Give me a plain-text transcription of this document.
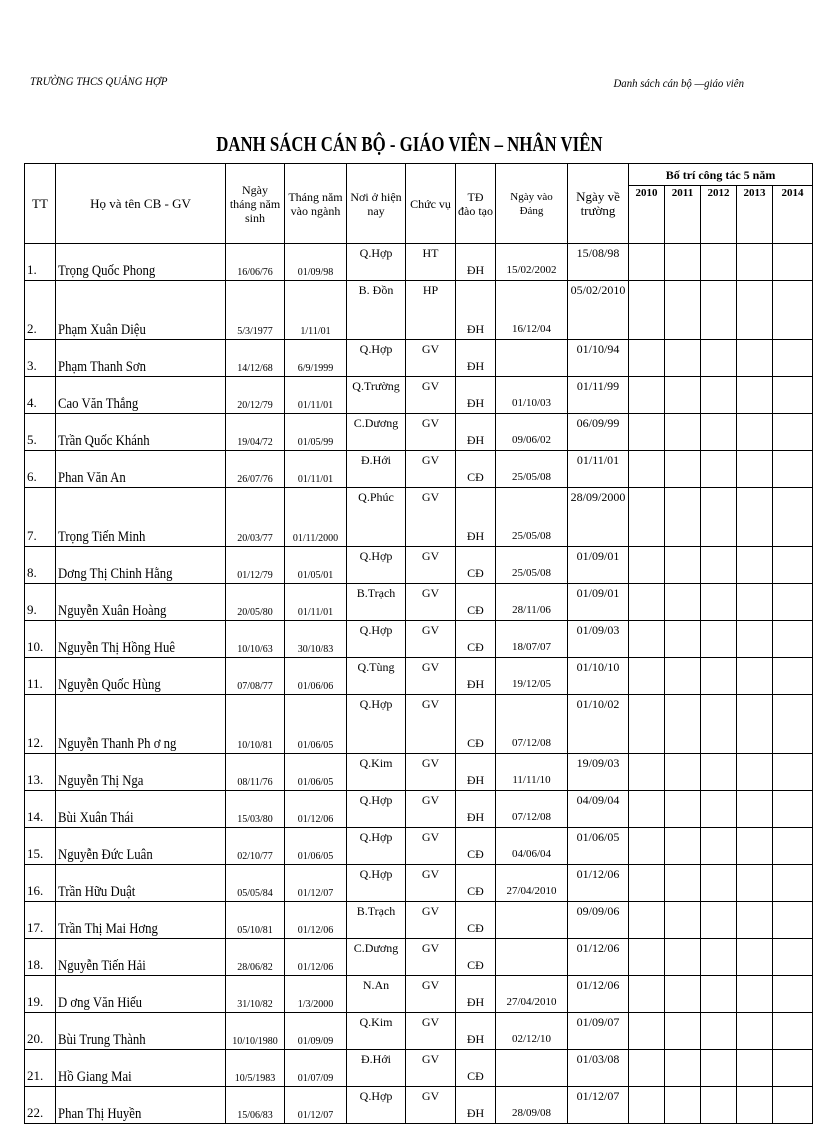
TRƯỜNG THCS QUẢNG HỢP	Danh sách cán bộ —giáo viên
DANH SÁCH CÁN BỘ - GIÁO VIÊN – NHÂN VIÊN
TT	Họ và tên CB - GV	Ngày tháng năm sinh	Tháng năm vào ngành	Nơi ở hiện nay	Chức vụ	TĐ đào tạo	Ngày vào Đảng	Ngày về trường	Bố trí công tác 5 năm				
									2010	2011	2012	2013	2014
1.	Trọng Quốc Phong	16/06/76	01/09/98	Q.Hợp	HT	ĐH	15/02/2002	15/08/98					
2.	Phạm Xuân Diệu	5/3/1977	1/11/01	B. Đồn	HP	ĐH	16/12/04	05/02/2010					
3.	Phạm Thanh Sơn	14/12/68	6/9/1999	Q.Hợp	GV	ĐH		01/10/94					
4.	Cao Văn Thắng	20/12/79	01/11/01	Q.Trường	GV	ĐH	01/10/03	01/11/99					
5.	Trần Quốc Khánh	19/04/72	01/05/99	C.Dương	GV	ĐH	09/06/02	06/09/99					
6.	Phan Văn An	26/07/76	01/11/01	Đ.Hới	GV	CĐ	25/05/08	01/11/01					
7.	Trọng Tiến Minh	20/03/77	01/11/2000	Q.Phúc	GV	ĐH	25/05/08	28/09/2000					
8.	Dơng Thị Chinh Hằng	01/12/79	01/05/01	Q.Hợp	GV	CĐ	25/05/08	01/09/01					
9.	Nguyễn Xuân Hoàng	20/05/80	01/11/01	B.Trạch	GV	CĐ	28/11/06	01/09/01					
10.	Nguyễn Thị Hồng Huê	10/10/63	30/10/83	Q.Hợp	GV	CĐ	18/07/07	01/09/03					
11.	Nguyễn Quốc Hùng	07/08/77	01/06/06	Q.Tùng	GV	ĐH	19/12/05	01/10/10					
12.	Nguyễn Thanh Ph ơ ng	10/10/81	01/06/05	Q.Hợp	GV	CĐ	07/12/08	01/10/02					
13.	Nguyễn Thị Nga	08/11/76	01/06/05	Q.Kim	GV	ĐH	11/11/10	19/09/03					
14.	Bùi Xuân Thái	15/03/80	01/12/06	Q.Hợp	GV	ĐH	07/12/08	04/09/04					
15.	Nguyễn Đức Luân	02/10/77	01/06/05	Q.Hợp	GV	CĐ	04/06/04	01/06/05					
16.	Trần Hữu Duật	05/05/84	01/12/07	Q.Hợp	GV	CĐ	27/04/2010	01/12/06					
17.	Trần Thị Mai Hơng	05/10/81	01/12/06	B.Trạch	GV	CĐ		09/09/06					
18.	Nguyễn Tiến Hải	28/06/82	01/12/06	C.Dương	GV	CĐ		01/12/06					
19.	D ơng Văn Hiếu	31/10/82	1/3/2000	N.An	GV	ĐH	27/04/2010	01/12/06					
20.	Bùi Trung Thành	10/10/1980	01/09/09	Q.Kim	GV	ĐH	02/12/10	01/09/07					
21.	Hồ Giang Mai	10/5/1983	01/07/09	Đ.Hới	GV	CĐ		01/03/08					
22.	Phan Thị Huyền	15/06/83	01/12/07	Q.Hợp	GV	ĐH	28/09/08	01/12/07					
